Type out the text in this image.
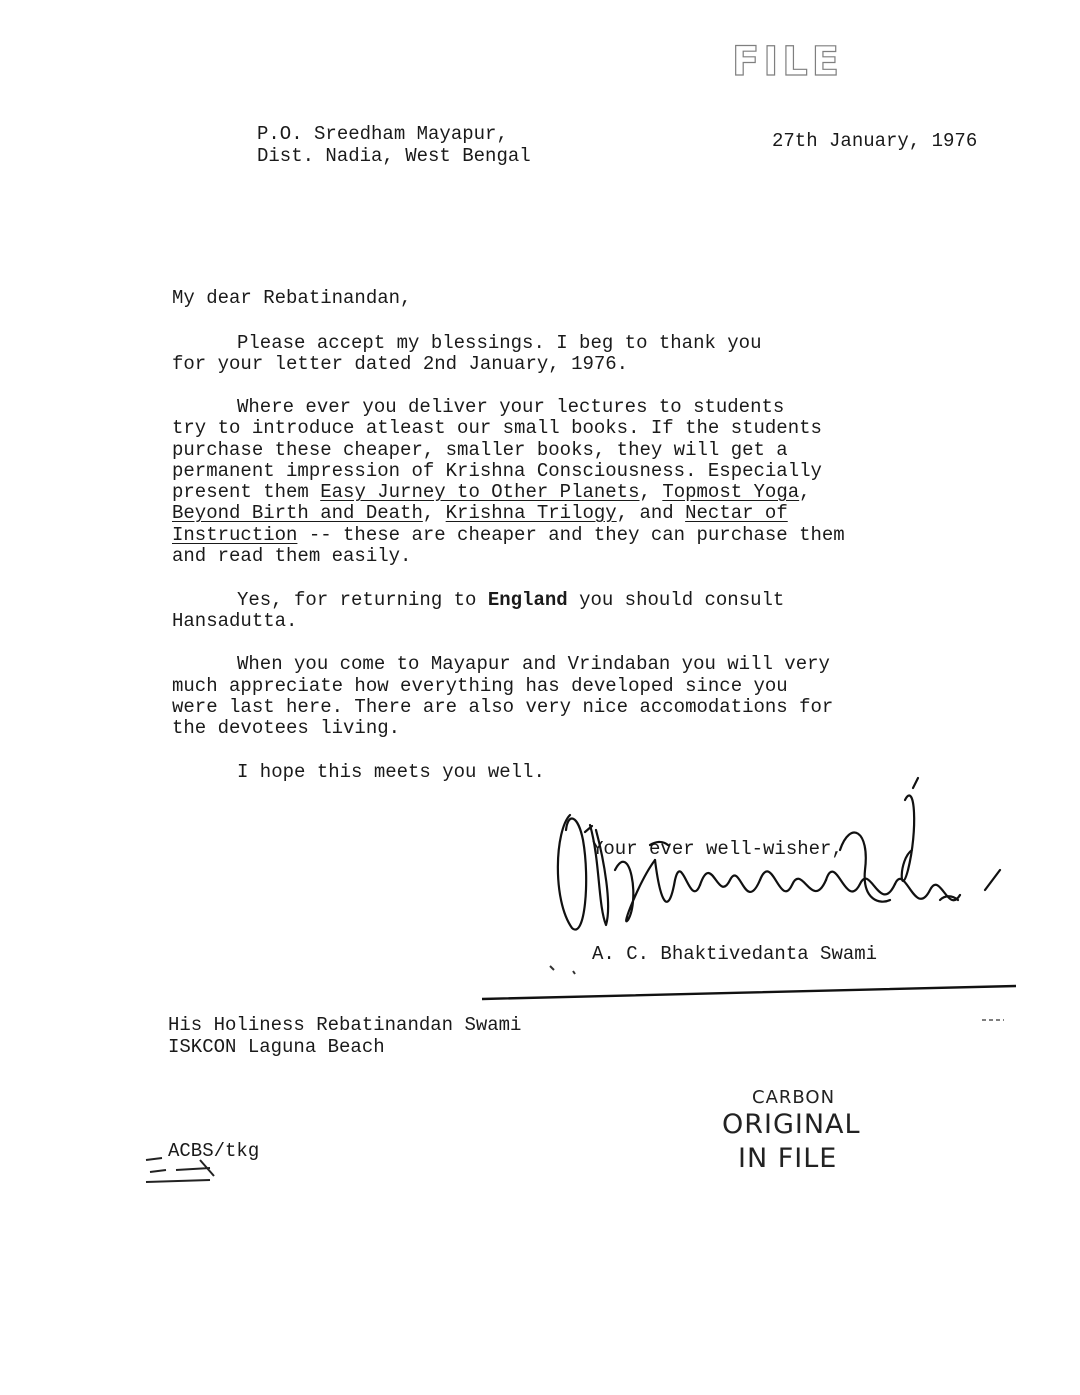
FILE

P.O. Sreedham Mayapur,

Dist. Nadia, West Bengal

27th January, 1976

My dear Rebatinandan,

Please accept my blessings. I beg to thank you

for your letter dated 2nd January, 1976.

Where ever you deliver your lectures to students

try to introduce atleast our small books. If the students

purchase these cheaper, smaller books, they will get a

permanent impression of Krishna Consciousness. Especially

present them Easy Jurney to Other Planets, Topmost Yoga,

Beyond Birth and Death, Krishna Trilogy, and Nectar of

Instruction -- these are cheaper and they can purchase them

and read them easily.

Yes, for returning to England you should consult

Hansadutta.

When you come to Mayapur and Vrindaban you will very

much appreciate how everything has developed since you

were last here. There are also very nice accomodations for

the devotees living.

I hope this meets you well.

Your ever well-wisher,

A. C. Bhaktivedanta Swami

His Holiness Rebatinandan Swami

ISKCON Laguna Beach

ACBS/tkg

CARBON
ORIGINAL
IN FILE
